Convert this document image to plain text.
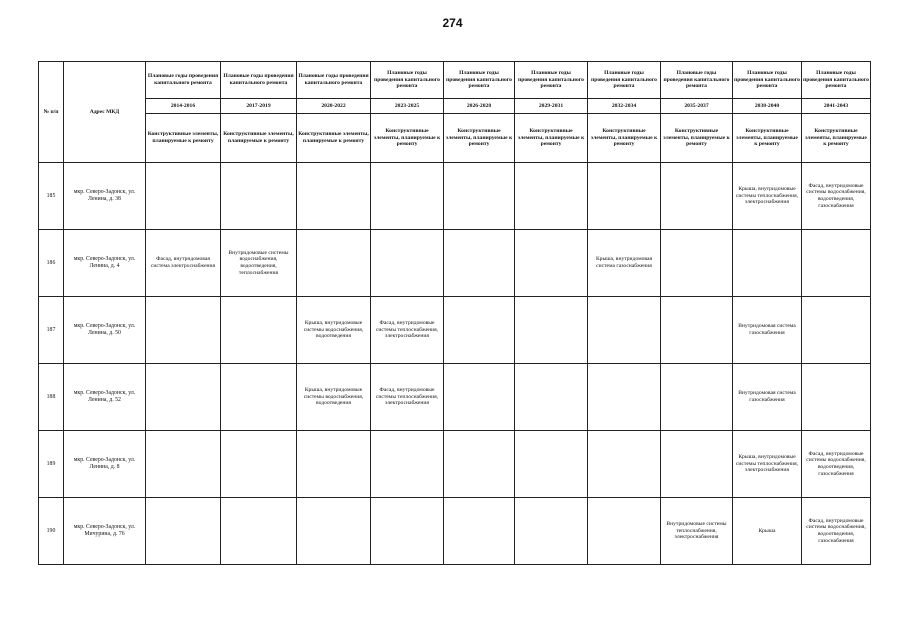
274
№ п/п	Адрес МКД	Плановые годы проведения капитального ремонта	Плановые годы проведения капитального ремонта	Плановые годы проведения капитального ремонта	Плановые годы проведения капитального ремонта	Плановые годы проведения капитального ремонта	Плановые годы проведения капитального ремонта	Плановые годы проведения капитального ремонта	Плановые годы проведения капитального ремонта	Плановые годы проведения капитального ремонта	Плановые годы проведения капитального ремонта
		2014-2016	2017-2019	2020-2022	2023-2025	2026-2028	2029-2031	2032-2034	2035-2037	2038-2040	2041-2043
		Конструктивные элементы, планируемые к ремонту	Конструктивные элементы, планируемые к ремонту	Конструктивные элементы, планируемые к ремонту	Конструктивные элементы, планируемые к ремонту	Конструктивные элементы, планируемые к ремонту	Конструктивные элементы, планируемые к ремонту	Конструктивные элементы, планируемые к ремонту	Конструктивные элементы, планируемые к ремонту	Конструктивные элементы, планируемые к ремонту	Конструктивные элементы, планируемые к ремонту
185	мкр. Северо-Задонск, ул. Ленина, д. 38									Крыша, внутридомовые системы теплоснабжения, электроснабжения	Фасад, внутридомовые системы водоснабжения, водоотведения, газоснабжения
186	мкр. Северо-Задонск, ул. Ленина, д. 4	Фасад, внутридомовая система электроснабжения	Внутридомовые системы водоснабжения, водоотведения, теплоснабжения					Крыша, внутридомовая система газоснабжения			
187	мкр. Северо-Задонск, ул. Ленина, д. 50			Крыша, внутридомовые системы водоснабжения, водоотведения	Фасад, внутридомовые системы теплоснабжения, электроснабжения					Внутридомовая система газоснабжения	
188	мкр. Северо-Задонск, ул. Ленина, д. 52			Крыша, внутридомовые системы водоснабжения, водоотведения	Фасад, внутридомовые системы теплоснабжения, электроснабжения					Внутридомовая система газоснабжения	
189	мкр. Северо-Задонск, ул. Ленина, д. 8									Крыша, внутридомовые системы теплоснабжения, электроснабжения	Фасад, внутридомовые системы водоснабжения, водоотведения, газоснабжения
190	мкр. Северо-Задонск, ул. Мичурина, д. 76								Внутридомовые системы теплоснабжения, электроснабжения	Крыша	Фасад, внутридомовые системы водоснабжения, водоотведения, газоснабжения
